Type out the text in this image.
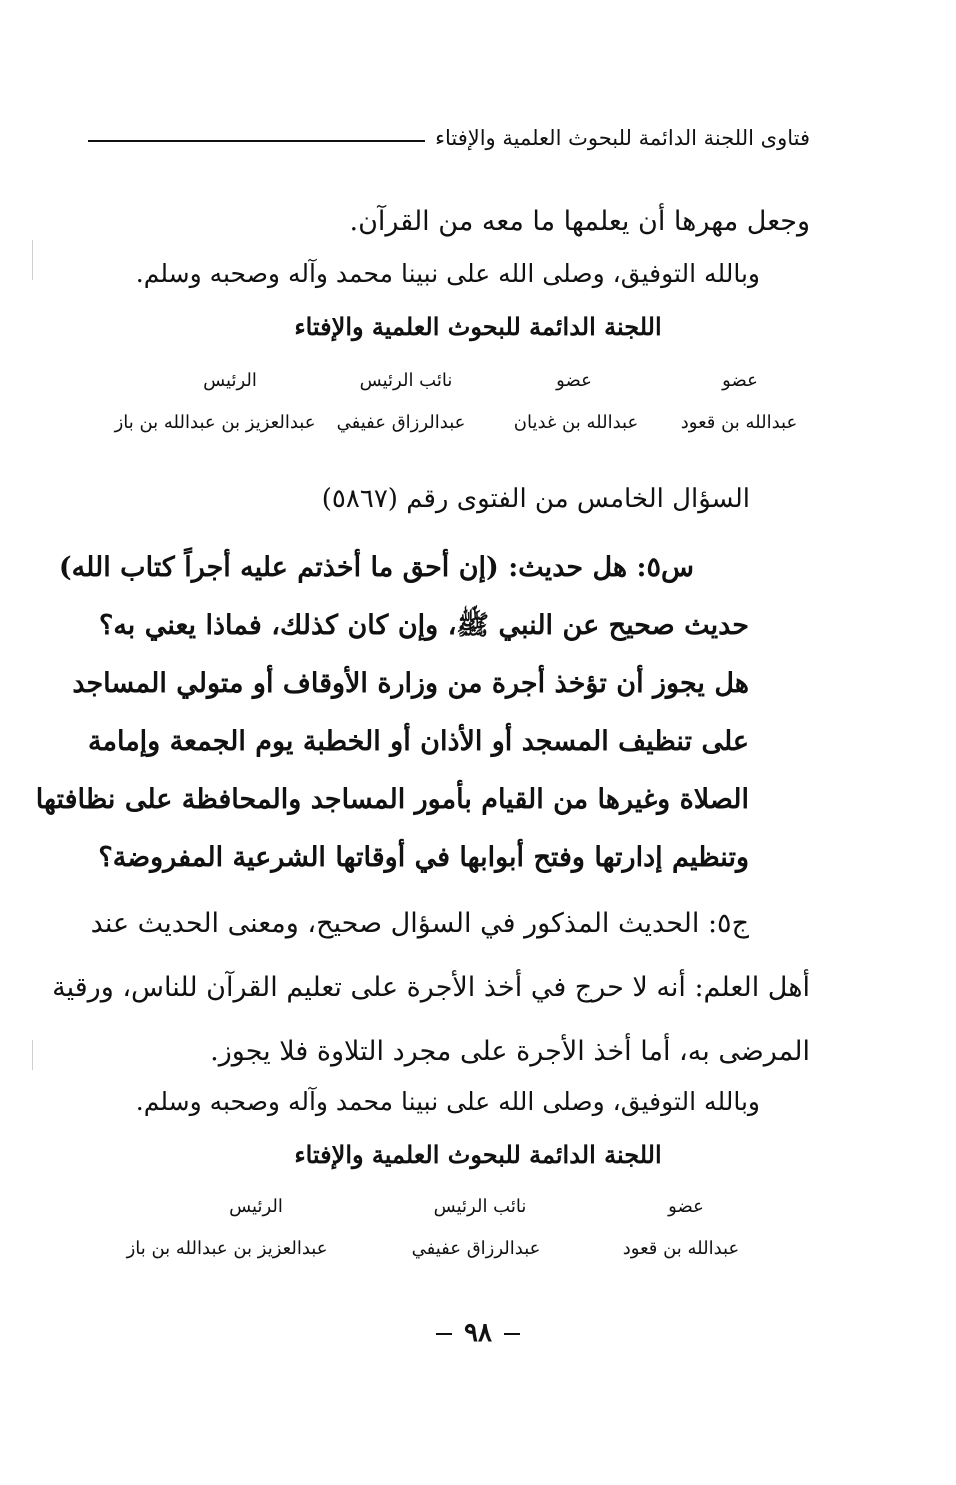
فتاوى اللجنة الدائمة للبحوث العلمية والإفتاء
وجعل مهرها أن يعلمها ما معه من القرآن.
وبالله التوفيق، وصلى الله على نبينا محمد وآله وصحبه وسلم.
اللجنة الدائمة للبحوث العلمية والإفتاء
عضو
عبدالله بن قعود
عضو
عبدالله بن غديان
نائب الرئيس
عبدالرزاق عفيفي
الرئيس
عبدالعزيز بن عبدالله بن باز
السؤال الخامس من الفتوى رقم (٥٨٦٧)
س٥: هل حديث: (إن أحق ما أخذتم عليه أجراً كتاب الله)
حديث صحيح عن النبي ﷺ، وإن كان كذلك، فماذا يعني به؟
هل يجوز أن تؤخذ أجرة من وزارة الأوقاف أو متولي المساجد
على تنظيف المسجد أو الأذان أو الخطبة يوم الجمعة وإمامة
الصلاة وغيرها من القيام بأمور المساجد والمحافظة على نظافتها
وتنظيم إدارتها وفتح أبوابها في أوقاتها الشرعية المفروضة؟
ج٥: الحديث المذكور في السؤال صحيح، ومعنى الحديث عند
أهل العلم: أنه لا حرج في أخذ الأجرة على تعليم القرآن للناس، ورقية
المرضى به، أما أخذ الأجرة على مجرد التلاوة فلا يجوز.
وبالله التوفيق، وصلى الله على نبينا محمد وآله وصحبه وسلم.
اللجنة الدائمة للبحوث العلمية والإفتاء
عضو
عبدالله بن قعود
نائب الرئيس
عبدالرزاق عفيفي
الرئيس
عبدالعزيز بن عبدالله بن باز
٩٨
